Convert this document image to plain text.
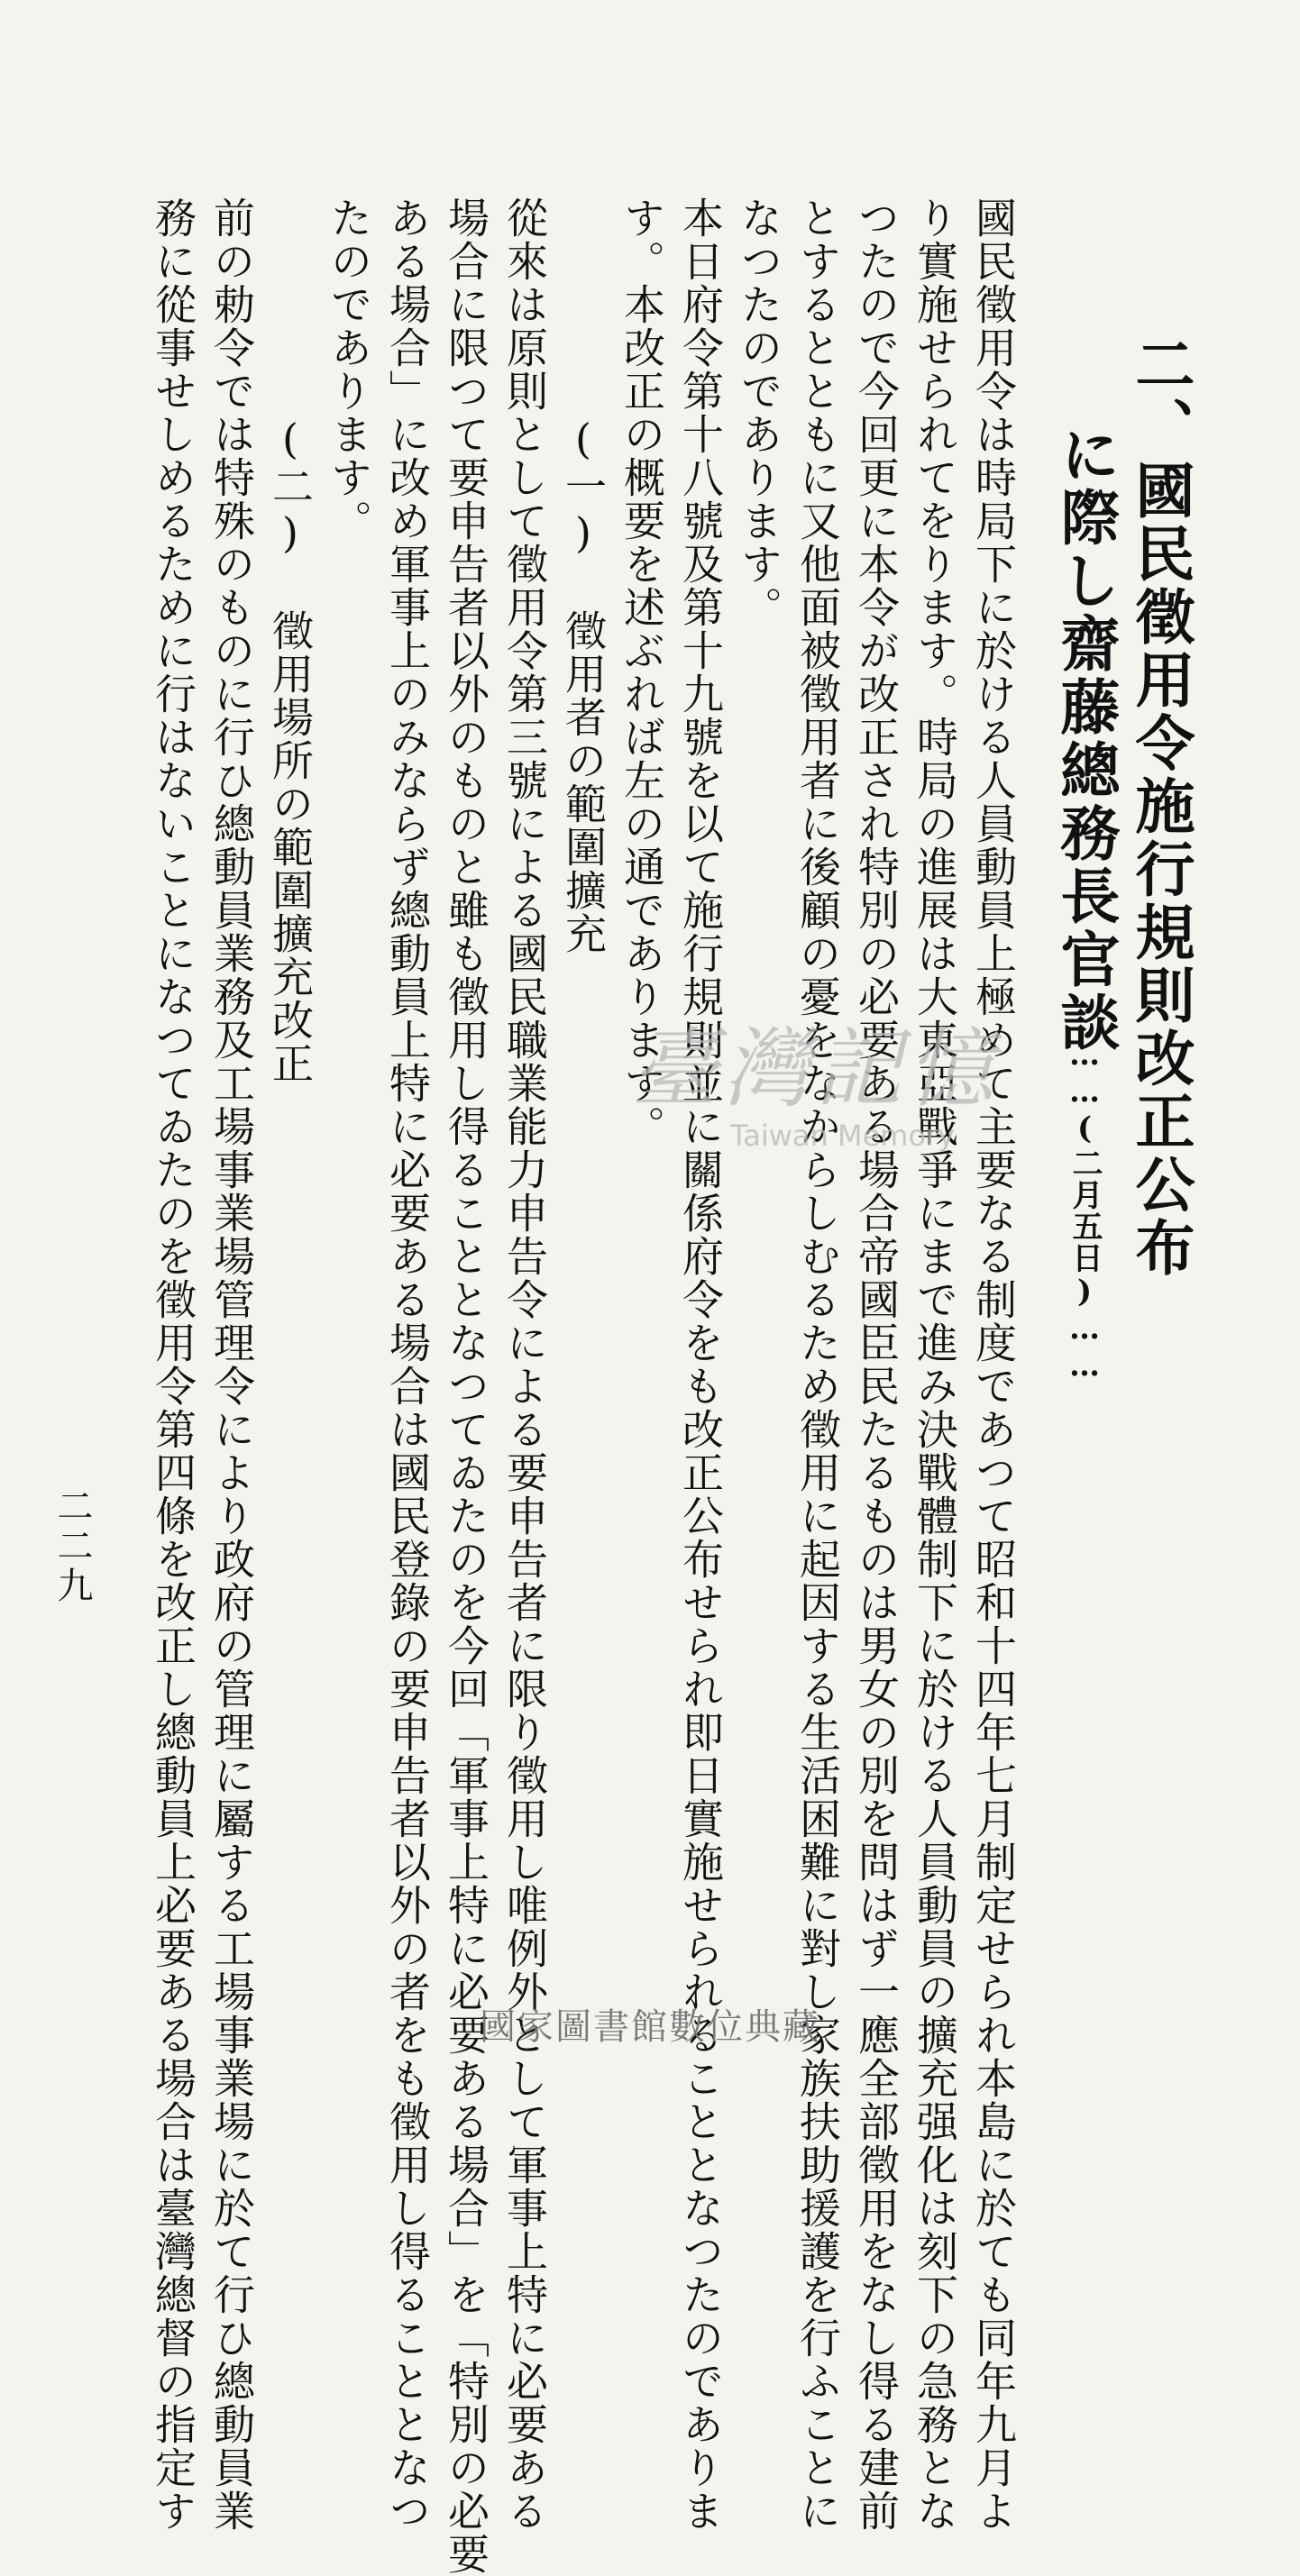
二、國民徵用令施行規則改正公布

に際し齋藤總務長官談

……(二月五日)……

國民徵用令は時局下に於ける人員動員上極めて主要なる制度であつて昭和十四年七月制定せられ本島に於ても同年九月よ

り實施せられてをります。時局の進展は大東亞戰爭にまで進み決戰體制下に於ける人員動員の擴充强化は刻下の急務とな

つたので今回更に本令が改正され特別の必要ある場合帝國臣民たるものは男女の別を問はず一應全部徵用をなし得る建前

とするとともに又他面被徵用者に後顧の憂をなからしむるため徵用に起因する生活困難に對し家族扶助援護を行ふことに

なつたのであります。

本日府令第十八號及第十九號を以て施行規則並に關係府令をも改正公布せられ即日實施せられることとなつたのでありま

す。本改正の概要を述ぶれば左の通であります。

(一) 徵用者の範圍擴充

從來は原則として徵用令第三號による國民職業能力申告令による要申告者に限り徵用し唯例外として軍事上特に必要ある

場合に限つて要申告者以外のものと雖も徵用し得ることとなつてゐたのを今回「軍事上特に必要ある場合」を「特別の必要

ある場合」に改め軍事上のみならず總動員上特に必要ある場合は國民登錄の要申告者以外の者をも徵用し得ることとなつ

たのであります。

(二) 徵用場所の範圍擴充改正

前の勅令では特殊のものに行ひ總動員業務及工場事業場管理令により政府の管理に屬する工場事業場に於て行ひ總動員業

務に從事せしめるために行はないことになつてゐたのを徵用令第四條を改正し總動員上必要ある場合は臺灣總督の指定す

二二九

臺灣記憶
Taiwan Memory
國家圖書館數位典藏
